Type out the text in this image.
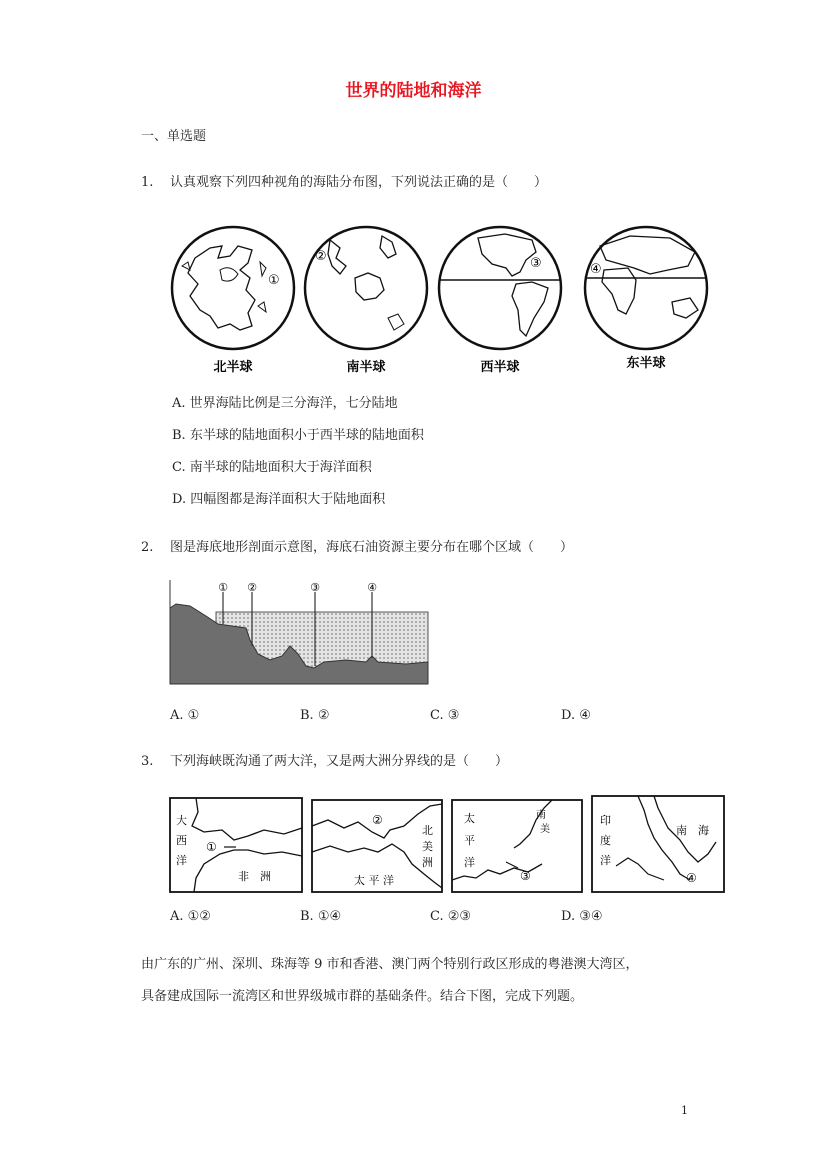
世界的陆地和海洋
一、单选题
1. 认真观察下列四种视角的海陆分布图，下列说法正确的是（　　）
①
北半球
②
南半球
③
西半球
④
东半球
A. 世界海陆比例是三分海洋，七分陆地
B. 东半球的陆地面积小于西半球的陆地面积
C. 南半球的陆地面积大于海洋面积
D. 四幅图都是海洋面积大于陆地面积
2. 图是海底地形剖面示意图，海底石油资源主要分布在哪个区域（　　）
① ②	③	④
A. ①	B. ②	C. ③	D. ④
3. 下列海峡既沟通了两大洋，又是两大洲分界线的是（　　）
大
西
洋
非　洲
①
北
美
洲
太 平 洋
②	太
平
洋
南
美
③
印
度
洋
南　海
④
A. ①②	B. ①④	C. ②③	D. ③④
由广东的广州、深圳、珠海等 9 市和香港、澳门两个特别行政区形成的粤港澳大湾区，
具备建成国际一流湾区和世界级城市群的基础条件。结合下图，完成下列题。
1
